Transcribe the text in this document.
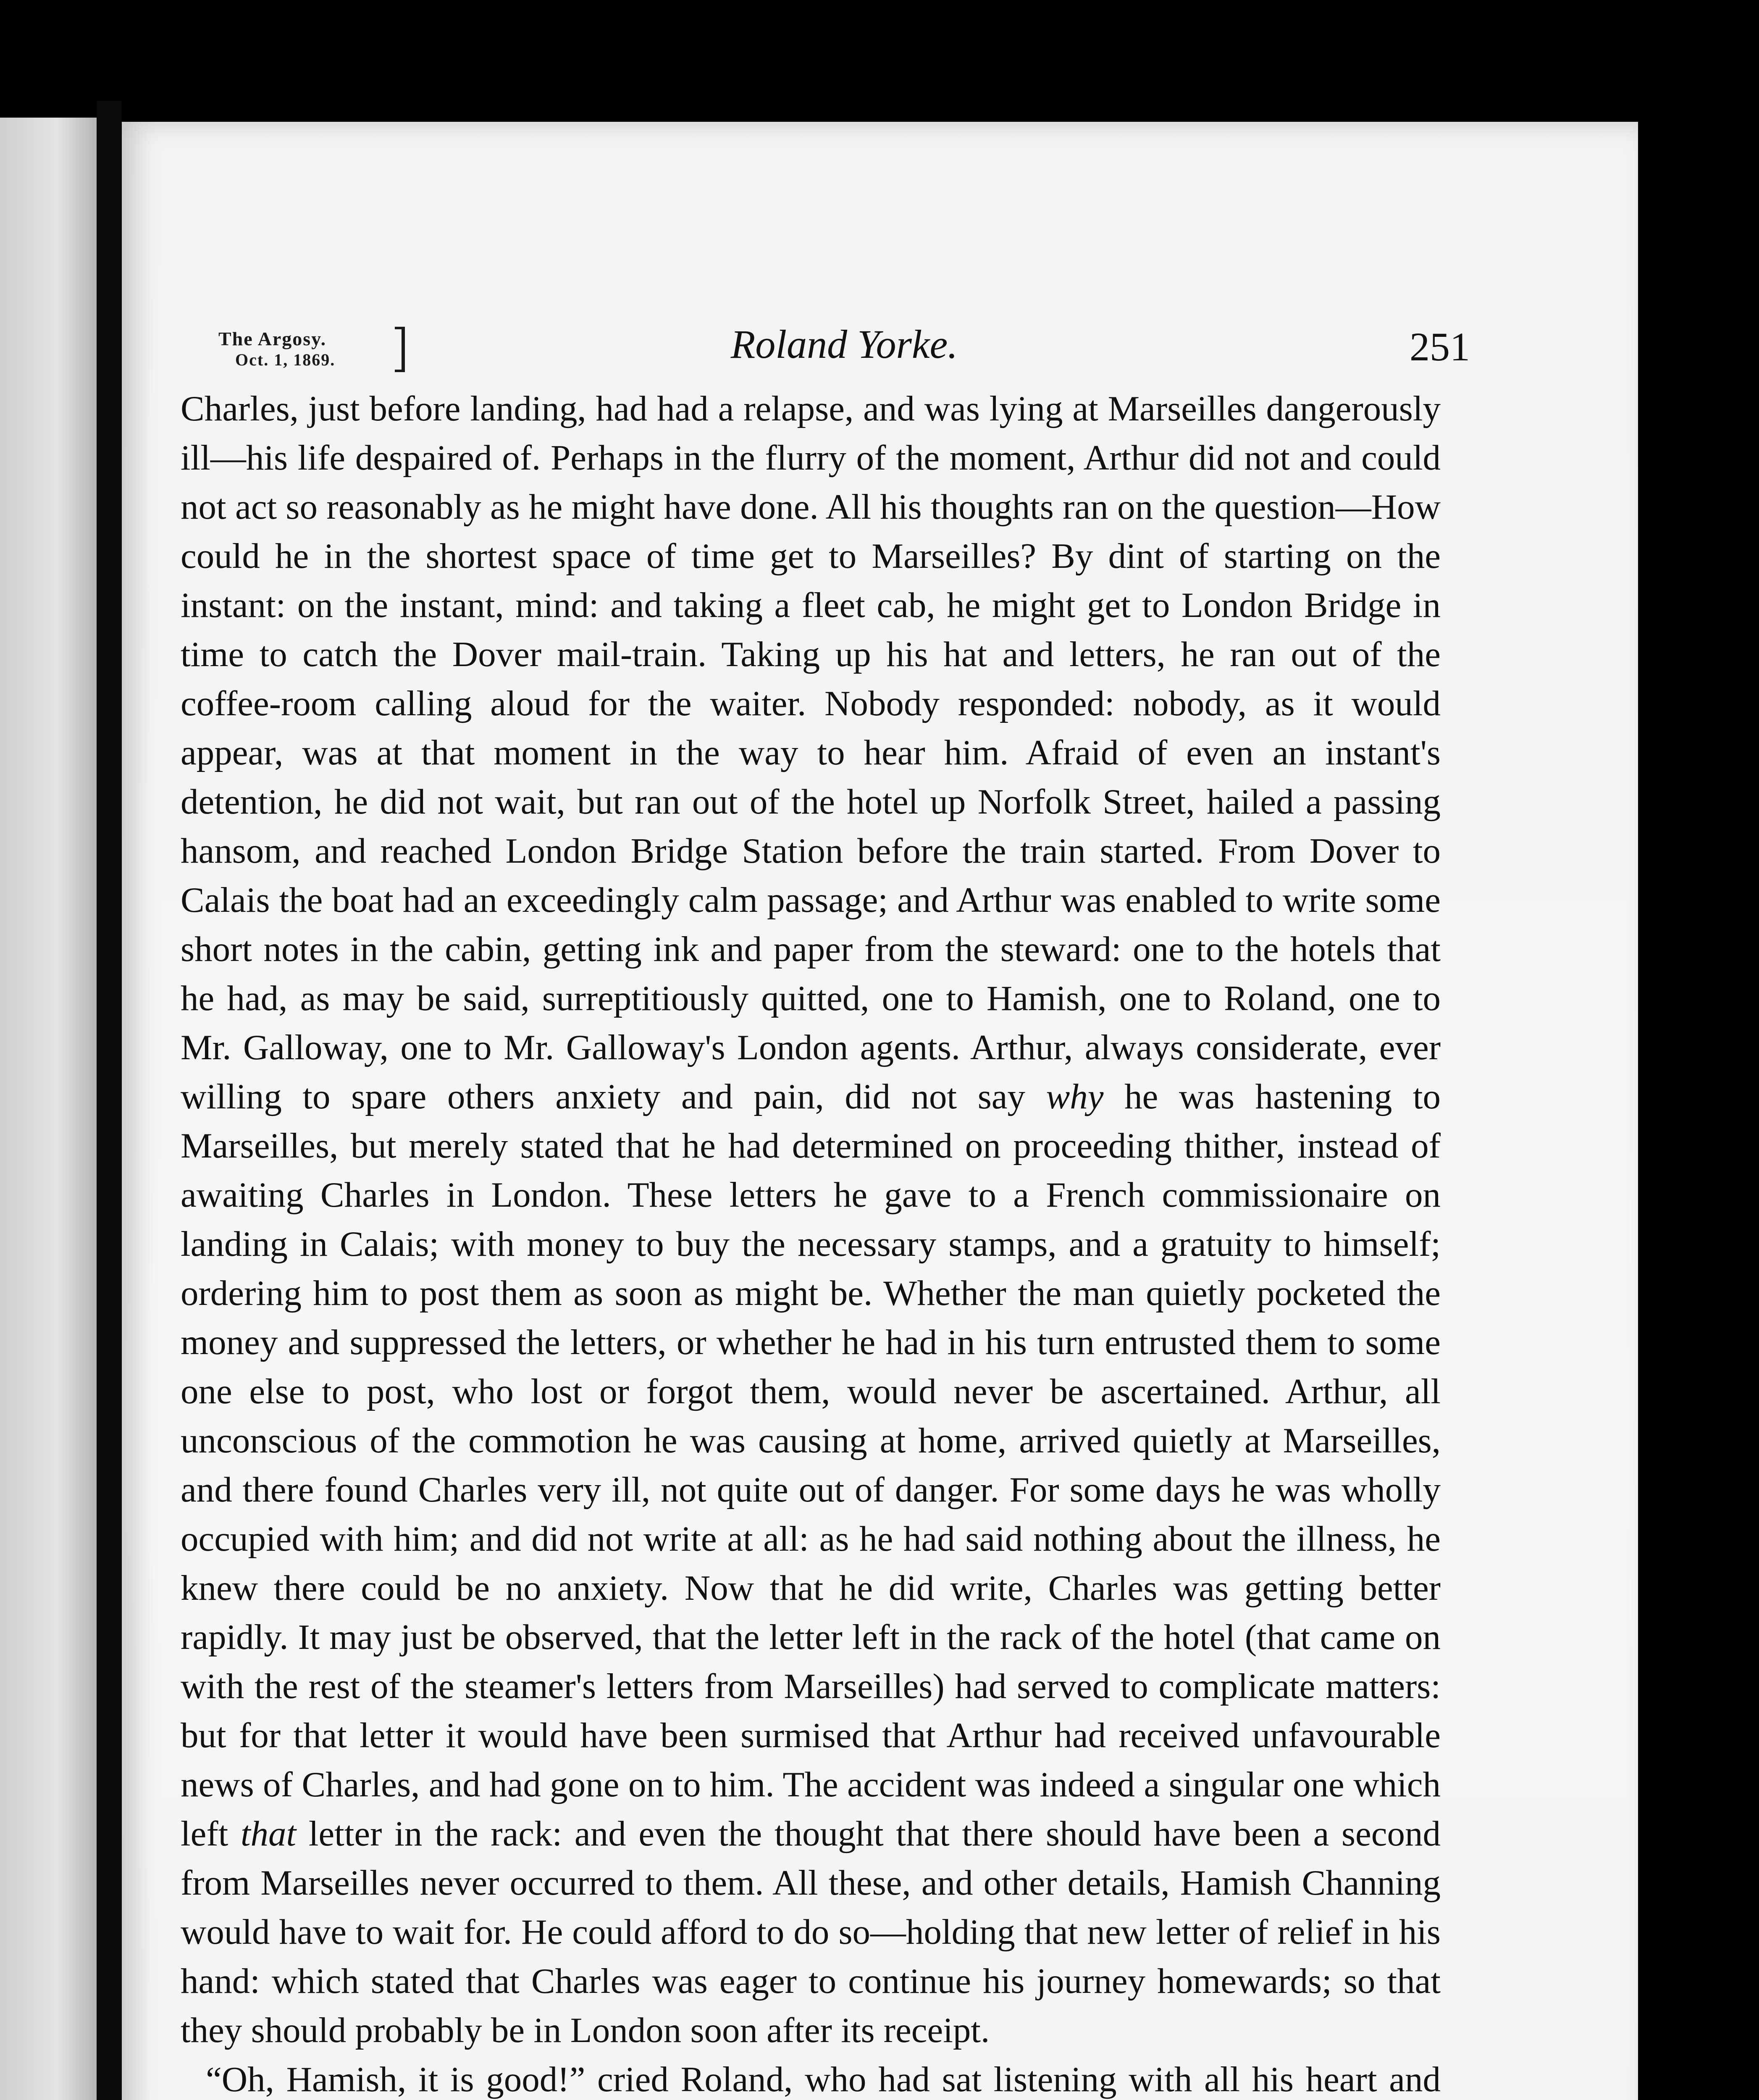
The Argosy.
Oct. 1, 1869.	Roland Yorke.	251

Charles, just before landing, had had a relapse, and was lying at Marseilles dangerously ill—his life despaired of. Perhaps in the flurry of the moment, Arthur did not and could not act so reasonably as he might have done. All his thoughts ran on the question—How could he in the shortest space of time get to Marseilles? By dint of starting on the instant: on the instant, mind: and taking a fleet cab, he might get to London Bridge in time to catch the Dover mail-train. Taking up his hat and letters, he ran out of the coffee-room calling aloud for the waiter. Nobody responded: nobody, as it would appear, was at that moment in the way to hear him. Afraid of even an instant's detention, he did not wait, but ran out of the hotel up Norfolk Street, hailed a passing hansom, and reached London Bridge Station before the train started. From Dover to Calais the boat had an exceedingly calm passage; and Arthur was enabled to write some short notes in the cabin, getting ink and paper from the steward: one to the hotels that he had, as may be said, surreptitiously quitted, one to Hamish, one to Roland, one to Mr. Galloway, one to Mr. Galloway's London agents. Arthur, always considerate, ever willing to spare others anxiety and pain, did not say why he was hastening to Marseilles, but merely stated that he had determined on proceeding thither, instead of awaiting Charles in London. These letters he gave to a French commissionaire on landing in Calais; with money to buy the necessary stamps, and a gratuity to himself; ordering him to post them as soon as might be. Whether the man quietly pocketed the money and suppressed the letters, or whether he had in his turn entrusted them to some one else to post, who lost or forgot them, would never be ascertained. Arthur, all unconscious of the commotion he was causing at home, arrived quietly at Marseilles, and there found Charles very ill, not quite out of danger. For some days he was wholly occupied with him; and did not write at all: as he had said nothing about the illness, he knew there could be no anxiety. Now that he did write, Charles was getting better rapidly. It may just be observed, that the letter left in the rack of the hotel (that came on with the rest of the steamer's letters from Marseilles) had served to complicate matters: but for that letter it would have been surmised that Arthur had received unfavourable news of Charles, and had gone on to him. The accident was indeed a singular one which left that letter in the rack: and even the thought that there should have been a second from Marseilles never occurred to them. All these, and other details, Hamish Channing would have to wait for. He could afford to do so—holding that new letter of relief in his hand: which stated that Charles was eager to continue his journey homewards; so that they should probably be in London soon after its receipt.

“Oh, Hamish, it is good!” cried Roland, who had sat listening with all his heart and
